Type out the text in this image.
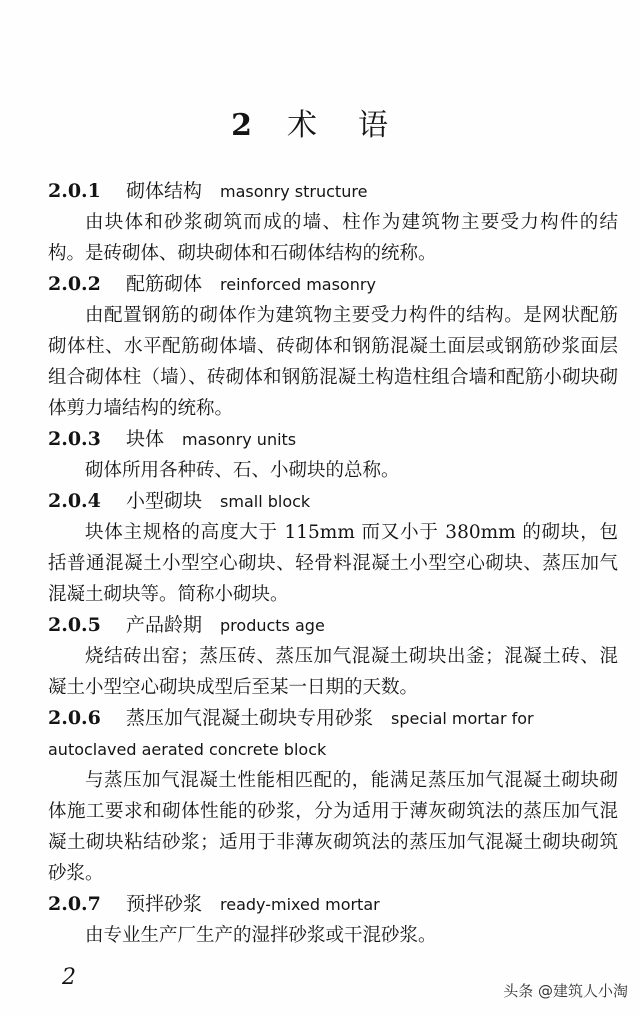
2 术 语
2.0.1 砌体结构 masonry structure

由块体和砂浆砌筑而成的墙、柱作为建筑物主要受力构件的结构。是砖砌体、砌块砌体和石砌体结构的统称。

2.0.2 配筋砌体 reinforced masonry

由配置钢筋的砌体作为建筑物主要受力构件的结构。是网状配筋砌体柱、水平配筋砌体墙、砖砌体和钢筋混凝土面层或钢筋砂浆面层组合砌体柱（墙）、砖砌体和钢筋混凝土构造柱组合墙和配筋小砌块砌体剪力墙结构的统称。

2.0.3 块体 masonry units

砌体所用各种砖、石、小砌块的总称。

2.0.4 小型砌块 small block

块体主规格的高度大于 115mm 而又小于 380mm 的砌块，包括普通混凝土小型空心砌块、轻骨料混凝土小型空心砌块、蒸压加气混凝土砌块等。简称小砌块。

2.0.5 产品龄期 products age

烧结砖出窑；蒸压砖、蒸压加气混凝土砌块出釜；混凝土砖、混凝土小型空心砌块成型后至某一日期的天数。

2.0.6 蒸压加气混凝土砌块专用砂浆 special mortar for autoclaved aerated concrete block

与蒸压加气混凝土性能相匹配的，能满足蒸压加气混凝土砌块砌体施工要求和砌体性能的砂浆，分为适用于薄灰砌筑法的蒸压加气混凝土砌块粘结砂浆；适用于非薄灰砌筑法的蒸压加气混凝土砌块砌筑砂浆。

2.0.7 预拌砂浆 ready-mixed mortar

由专业生产厂生产的湿拌砂浆或干混砂浆。

2
头条 @建筑人小淘
